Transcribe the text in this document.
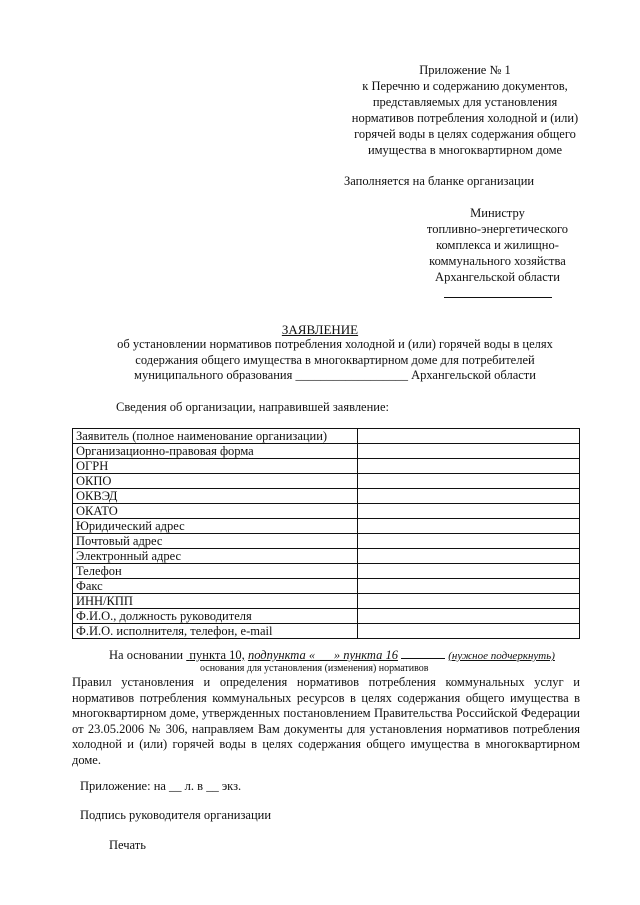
Приложение № 1
к Перечню и содержанию документов,
представляемых для установления
нормативов потребления холодной и (или)
горячей воды в целях содержания общего
имущества в многоквартирном доме
Заполняется на бланке организации
Министру
топливно-энергетического
комплекса и жилищно-
коммунального хозяйства
Архангельской области
ЗАЯВЛЕНИЕ
об установлении нормативов потребления холодной и (или) горячей воды в целях
содержания общего имущества в многоквартирном доме для потребителей
муниципального образования __________________ Архангельской области
Сведения об организации, направившей заявление:
Заявитель (полное наименование организации)	
Организационно-правовая форма	
ОГРН	
ОКПО	
ОКВЭД	
ОКАТО	
Юридический адрес	
Почтовый адрес	
Электронный адрес	
Телефон	
Факс	
ИНН/КПП	
Ф.И.О., должность руководителя	
Ф.И.О. исполнителя, телефон, e-mail	
На основании пункта 10, подпункта «___» пункта 16	(нужное подчеркнуть)
основания для установления (изменения) нормативов
Правил установления и определения нормативов потребления коммунальных услуг и нормативов потребления коммунальных ресурсов в целях содержания общего имущества в многоквартирном доме, утвержденных постановлением Правительства Российской Федерации от 23.05.2006 № 306, направляем Вам документы для установления нормативов потребления холодной и (или) горячей воды в целях содержания общего имущества в многоквартирном доме.
Приложение: на __ л. в __ экз.
Подпись руководителя организации
Печать
